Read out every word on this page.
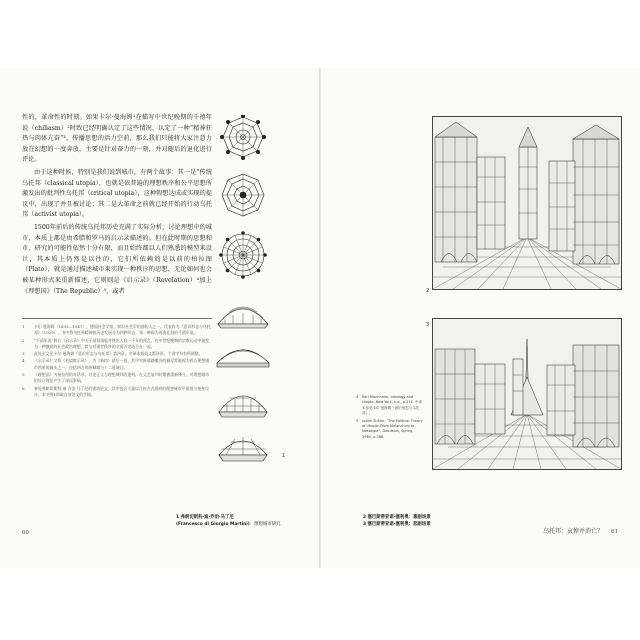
性的，革命性的时刻。如果卡尔·曼海姆¹在描写中世纪晚期的千禧年说（chiliasm）²时致已经明确认定了这些情况，认定了一种“精神狂热与肉体亢奋”³，传播思想的活力空前，那么我们只能将大家注意力放在幻想的一度奔放，主要是针对奋力的一刻，并对随后的退化进行评论。

由于这种时候，特别是我们说到城市，有两个故事：其一是“传统乌托邦（classical utopia），也就是依普遍的理想秩序和公平思想所激发出的批判性乌托邦（critical utopia），这种假想达成或实现的提议中，出现了并且被讨论；其二是大革命之前就已经开始的行动乌托邦（activist utopia）。

1500年前后的传统乌托邦历史充满了实际分析，讨论理想中的城市，本质上都是由希腊和罗马的启示录描述的。但在此时期的思想和市、研究的可能性依然十分有限，而且始终都以人们熟悉的模型来设计，其本质上仍然是以往的，它们所依赖的是以前的柏拉图（Plato），就是通过描述城市来实现一种秩序的思想，无论如何也会被某种形式来重新描述，它则则是《启示录》（Revelation）⁴加上《理想国》（The Republic）⁵，或者

1	卡尔·曼海姆（1893—1947），德国社会学家，知识社会学的创始人之一。代表作为《意识形态与乌托邦》（1929），书中将乌托邦精神按历史发展分为四种形态，第一种即为再洗礼派的千禧年说。
2	“千禧年说”源自《启示录》中关于基督再临并统治人间一千年的预言，在中世纪晚期的宗教运动中演变为一种激进的社会政治理想，常与对现世秩序的全面否定结合在一起。
3	此处引文见卡尔·曼海姆《意识形态与乌托邦》第四章，中译本据英文版译出，个别字句有所调整。
4	《启示录》又称《若望默示录》，为《新约》最后一卷，其中对新耶路撒冷的描写常被视为西方理想城市图景的源头之一，包括四方形的城墙与十二道城门。
5	《理想国》为柏拉图的对话录，讨论正义与理想城邦的建构，在文艺复兴时期被重新译介，对理想城市的设计理论产生了深远影响。
6	参见弗朗切斯科·迪·乔治·马丁尼的建筑论文，其中包含大量以几何方式组织的理想城市平面图与堡垒设计，本书图1即取自该论文的手稿。
1
1 弗朗切斯科·迪·乔治·马丁尼
(Francesco di Giorgio Martini)：理想城市研究
60
2
3
4	Karl Mannheim, Ideology and Utopia. New York, n.d., p.211. 中译本参见卡尔·曼海姆《意识形态与乌托邦》。
5	Judith Shklar, “The Political Theory of Utopia: From Melancholy to Nostalgia”, Daedalus, Spring, 1965, p.368.
2 塞巴斯蒂亚诺·塞利奥：喜剧场景
3 塞巴斯蒂亚诺·塞利奥：悲剧场景
乌托邦：哀悼并消亡？ 61
